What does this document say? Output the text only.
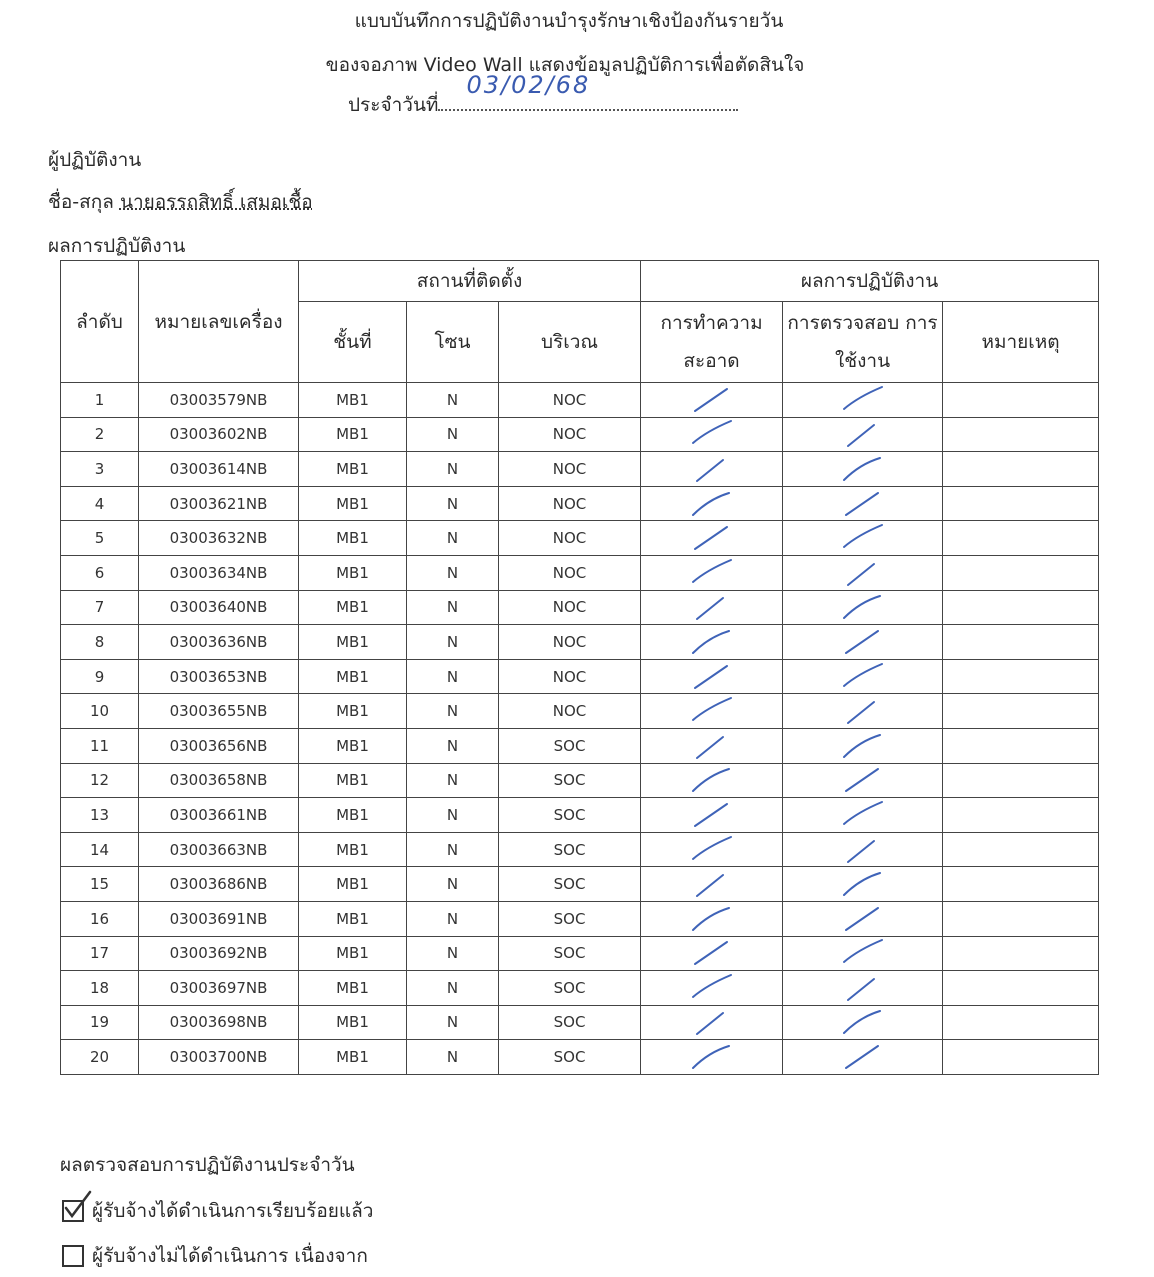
แบบบันทึกการปฏิบัติงานบำรุงรักษาเชิงป้องกันรายวัน
ของจอภาพ Video Wall แสดงข้อมูลปฏิบัติการเพื่อตัดสินใจ
ประจำวันที่
03/02/68
ผู้ปฏิบัติงาน
ชื่อ-สกุล นายอรรถสิทธิ์ เสมอเชื้อ
ผลการปฏิบัติงาน
ลำดับ	หมายเลขเครื่อง	สถานที่ติดตั้ง			ผลการปฏิบัติงาน		
		ชั้นที่	โซน	บริเวณ	การทำความ สะอาด	การตรวจสอบ การใช้งาน	หมายเหตุ
1	03003579NB	MB1	N	NOC	

2	03003602NB	MB1	N	NOC	

3	03003614NB	MB1	N	NOC	

4	03003621NB	MB1	N	NOC	

5	03003632NB	MB1	N	NOC	

6	03003634NB	MB1	N	NOC	

7	03003640NB	MB1	N	NOC	

8	03003636NB	MB1	N	NOC	

9	03003653NB	MB1	N	NOC	

10	03003655NB	MB1	N	NOC	

11	03003656NB	MB1	N	SOC	

12	03003658NB	MB1	N	SOC	

13	03003661NB	MB1	N	SOC	

14	03003663NB	MB1	N	SOC	

15	03003686NB	MB1	N	SOC	

16	03003691NB	MB1	N	SOC	

17	03003692NB	MB1	N	SOC	

18	03003697NB	MB1	N	SOC	

19	03003698NB	MB1	N	SOC	

20	03003700NB	MB1	N	SOC	

ผลตรวจสอบการปฏิบัติงานประจำวัน
ผู้รับจ้างได้ดำเนินการเรียบร้อยแล้ว
ผู้รับจ้างไม่ได้ดำเนินการ เนื่องจาก
